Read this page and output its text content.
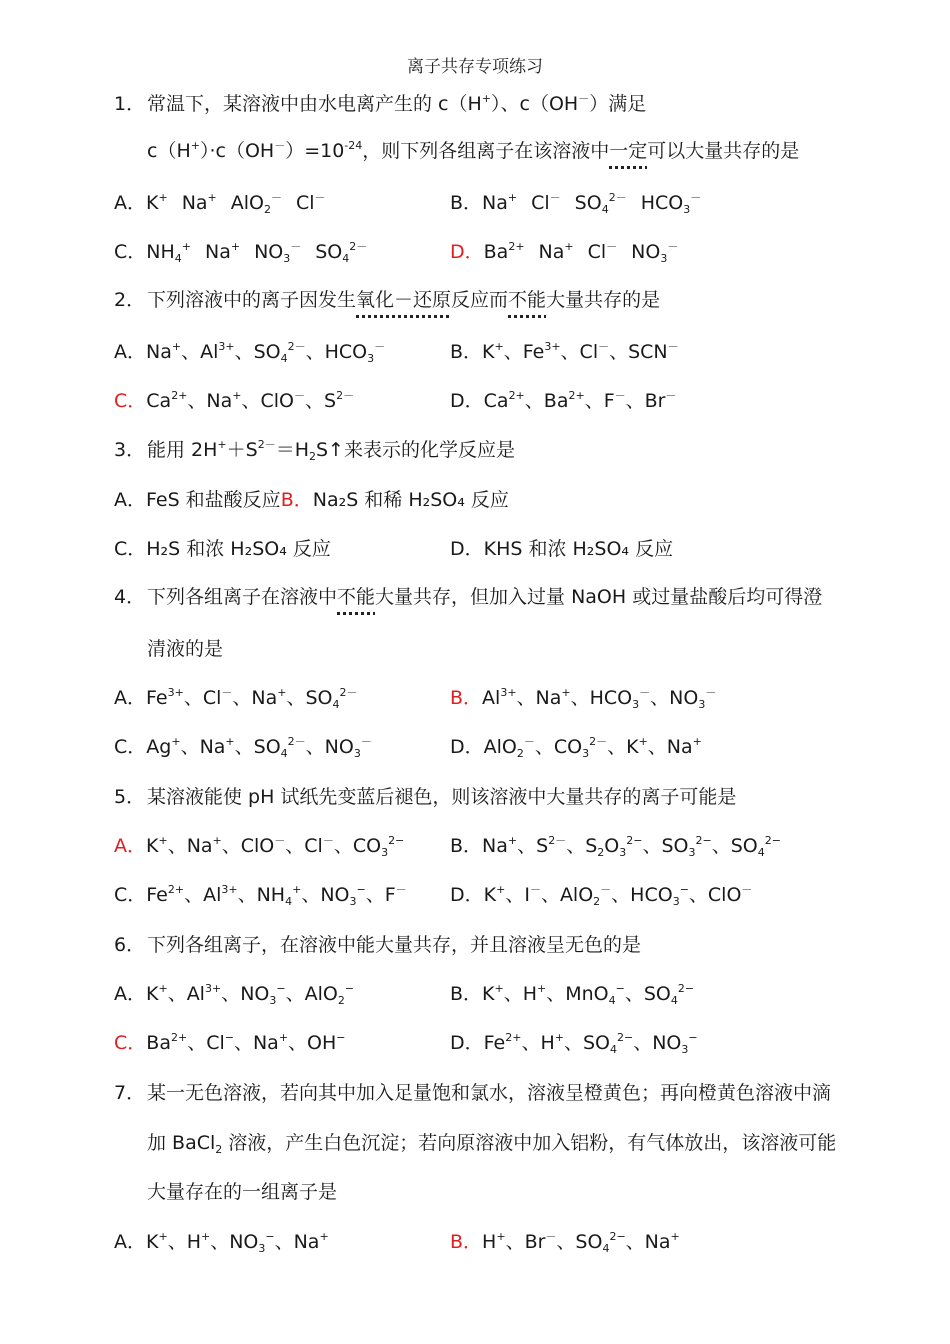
离子共存专项练习
1． 常温下，某溶液中由水电离产生的 c（H+）、c（OH－）满足
$c(H^+)\cdot c(OH^-)=10^{-24}$，则下列各组离子在该溶液中一定可以大量共存的是
A．K+ Na+ AlO$_2$－ Cl－	B．Na+ Cl－ $SO_4^{2-}$ $HCO_3^-$
C．$NH_4^+$ Na+ $NO_3^-$ $SO_4^{2-}$	D．$Ba^{2+}$ Na+ Cl－ $NO_3^-$
2． 下列溶液中的离子因发生氧化－还原反应而不能大量共存的是
A．Na+、$Al^{3+}$、$SO_4^{2-}$、$HCO_3^-$	B．K+、$Fe^{3+}$、Cl－、SCN－
C．$Ca^{2+}$、Na+、ClO－、$S^{2-}$	D．$Ca^{2+}$、$Ba^{2+}$、F－、Br－
3． 能用 $2H^++S^{2-}=H_2S↑$来表示的化学反应是
A．FeS 和盐酸反应B．Na₂S 和稀 H₂SO₄ 反应
C．H₂S 和浓 H₂SO₄ 反应	D．KHS 和浓 H₂SO₄ 反应
4． 下列各组离子在溶液中不能大量共存，但加入过量 NaOH 或过量盐酸后均可得澄
清液的是
A．$Fe^{3+}$、Cl－、Na+、$SO_4^{2-}$	B．$Al^{3+}$、Na+、$HCO_3^-$、$NO_3^-$
C．Ag+、Na+、$SO_4^{2-}$、$NO_3^-$	D．AlO$_2$－、$CO_3^{2-}$、K+、Na+
5． 某溶液能使 pH 试纸先变蓝后褪色，则该溶液中大量共存的离子可能是
A．K+、Na+、ClO－、Cl－、$CO_3^{2-}$ B．Na+、$S^{2-}$、$S_2O_3^{2-}$、$SO_3^{2-}$、$SO_4^{2-}$
C．$Fe^{2+}$、$Al^{3+}$、$NH_4^+$、$NO_3^-$、F－ D．K+、I－、AlO$_2$－、$HCO_3^-$、ClO－
6． 下列各组离子，在溶液中能大量共存，并且溶液呈无色的是
A．K+、$Al^{3+}$、$NO_3^-$、AlO$_2$−	B．K+、H+、MnO$_4$−、$SO_4^{2-}$
C．$Ba^{2+}$、Cl−、Na+、OH−	D．$Fe^{2+}$、H+、$SO_4^{2-}$、$NO_3^-$
7． 某一无色溶液，若向其中加入足量饱和氯水，溶液呈橙黄色；再向橙黄色溶液中滴
加 BaCl$_2$ 溶液，产生白色沉淀；若向原溶液中加入铝粉，有气体放出，该溶液可能
大量存在的一组离子是
A．K+、H+、$NO_3^-$、Na+	B．H+、Br－、$SO_4^{2-}$、Na+
